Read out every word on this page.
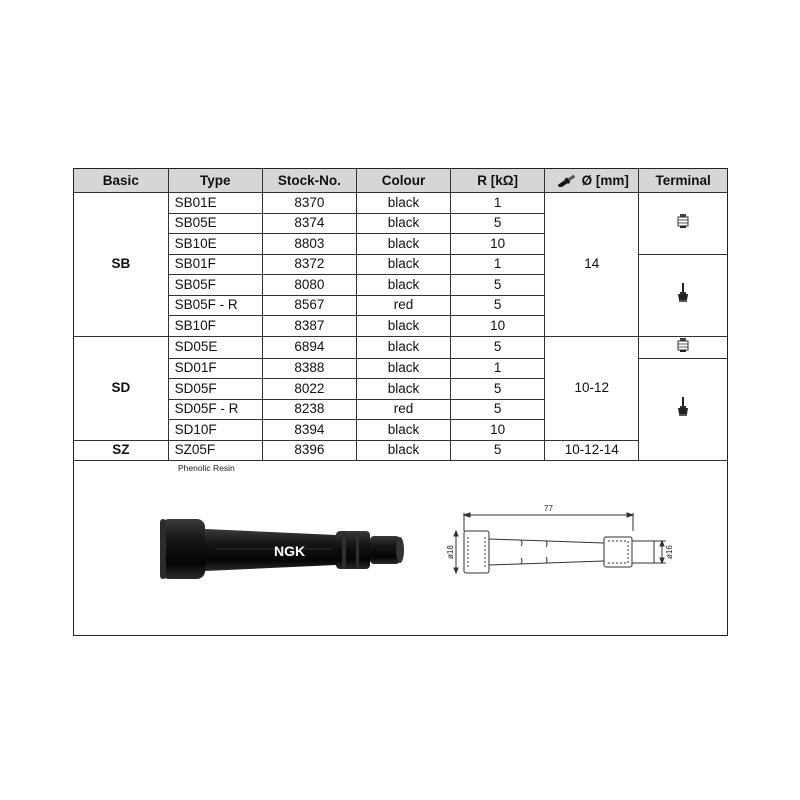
Basic	Type	Stock-No.	Colour	R [kΩ]	Ø [mm]	Terminal
SB	SB01E	8370	black	1	14	
	SB05E	8374	black	5		
	SB10E	8803	black	10		
	SB01F	8372	black	1	
	SB05F	8080	black	5		
	SB05F - R	8567	red	5		
	SB10F	8387	black	10		
SD	SD05E	6894	black	5	10-12	
	SD01F	8388	black	1	
	SD05F	8022	black	5		
	SD05F - R	8238	red	5		
	SD10F	8394	black	10		
SZ	SZ05F	8396	black	5	10-12-14	
Phenolic Resin
NGK
77
ø18	ø16
